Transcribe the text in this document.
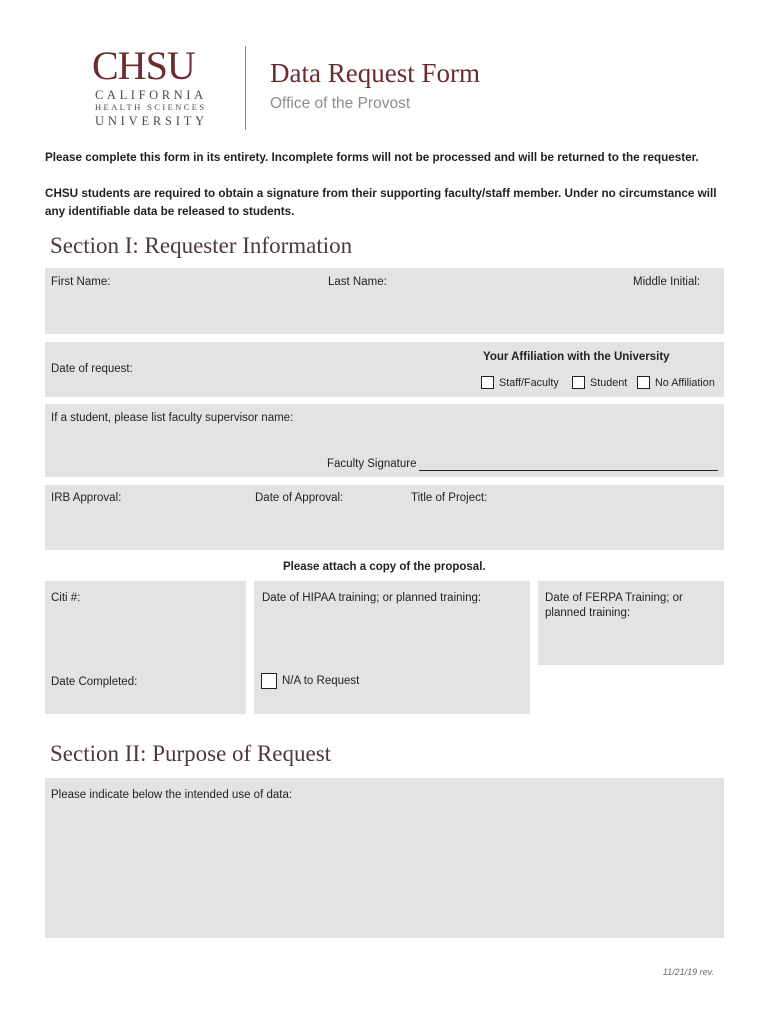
CHSU
CALIFORNIA
HEALTH SCIENCES
UNIVERSITY
Data Request Form
Office of the Provost
Please complete this form in its entirety. Incomplete forms will not be processed and will be returned to the requester.
CHSU students are required to obtain a signature from their supporting faculty/staff member. Under no circumstance will any identifiable data be released to students.
Section I: Requester Information
First Name:	Last Name:	Middle Initial:
Date of request:
Your Affiliation with the University
Staff/Faculty	Student	No Affiliation
If a student, please list faculty supervisor name:
Faculty Signature
IRB Approval:	Date of Approval:	Title of Project:
Please attach a copy of the proposal.
Citi #:
Date Completed:
Date of HIPAA training; or planned training:
N/A to Request
Date of FERPA Training; or
planned training:
Section II: Purpose of Request
Please indicate below the intended use of data:
11/21/19 rev.
